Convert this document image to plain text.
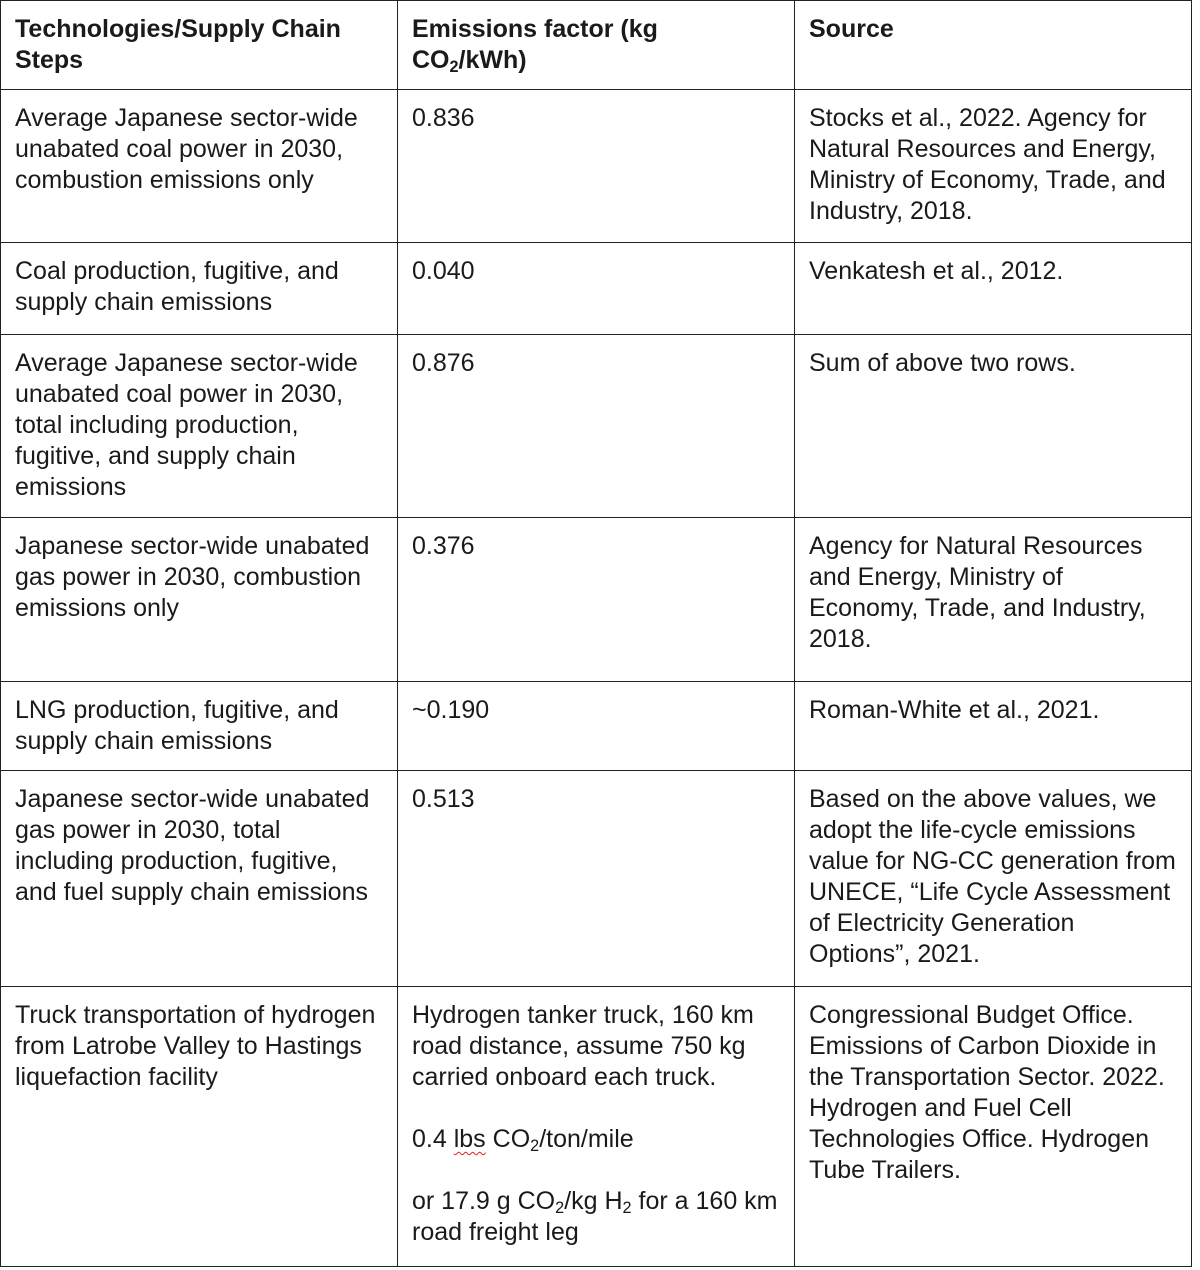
Technologies/Supply Chain Steps	Emissions factor (kg
$CO_2/kWh$)	Source
Average Japanese sector-wide unabated coal power in 2030, combustion emissions only	0.836	Stocks et al., 2022. Agency for Natural Resources and Energy, Ministry of Economy, Trade, and Industry, 2018.
Coal production, fugitive, and supply chain emissions	0.040	Venkatesh et al., 2012.
Average Japanese sector-wide unabated coal power in 2030, total including production, fugitive, and supply chain emissions	0.876	Sum of above two rows.
Japanese sector-wide unabated gas power in 2030, combustion emissions only	0.376	Agency for Natural Resources and Energy, Ministry of Economy, Trade, and Industry, 2018.
LNG production, fugitive, and supply chain emissions	~0.190	Roman-White et al., 2021.
Japanese sector-wide unabated gas power in 2030, total including production, fugitive, and fuel supply chain emissions	0.513	Based on the above values, we adopt the life-cycle emissions value for NG-CC generation from UNECE, “Life Cycle Assessment of Electricity Generation Options”, 2021.
Truck transportation of hydrogen from Latrobe Valley to Hastings liquefaction facility	Hydrogen tanker truck, 160 km road distance, assume 750 kg carried onboard each truck.
0.4 lbs $CO_2/ton$/mile
or 17.9 g $CO_2/kg$ $H_2$ for a 160 km road freight leg	Congressional Budget Office. Emissions of Carbon Dioxide in the Transportation Sector. 2022. Hydrogen and Fuel Cell Technologies Office. Hydrogen Tube Trailers.
